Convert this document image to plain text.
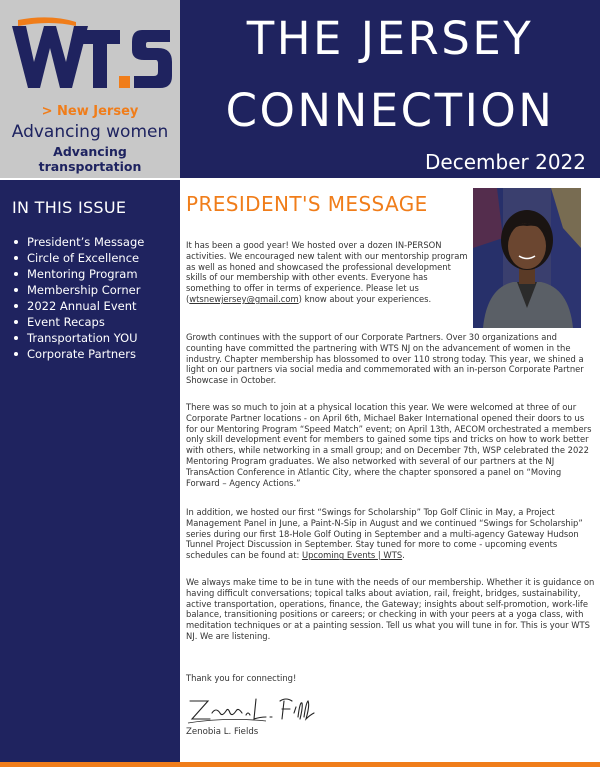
> New Jersey
Advancing women
Advancing transportation
THE JERSEY
CONNECTION
December 2022
IN THIS ISSUE
President’s Message
Circle of Excellence
Mentoring Program
Membership Corner
2022 Annual Event
Event Recaps
Transportation YOU
Corporate Partners
PRESIDENT'S MESSAGE

It has been a good year! We hosted over a dozen IN-PERSON activities. We encouraged new talent with our mentorship program as well as honed and showcased the professional development skills of our membership with other events. Everyone has something to offer in terms of experience. Please let us (wtsnewjersey@gmail.com) know about your experiences.

Growth continues with the support of our Corporate Partners. Over 30 organizations and counting have committed the partnering with WTS NJ on the advancement of women in the industry. Chapter membership has blossomed to over 110 strong today. This year, we shined a light on our partners via social media and commemorated with an in-person Corporate Partner Showcase in October.

There was so much to join at a physical location this year. We were welcomed at three of our Corporate Partner locations - on April 6th, Michael Baker International opened their doors to us for our Mentoring Program “Speed Match” event; on April 13th, AECOM orchestrated a members only skill development event for members to gained some tips and tricks on how to work better with others, while networking in a small group; and on December 7th, WSP celebrated the 2022 Mentoring Program graduates. We also networked with several of our partners at the NJ TransAction Conference in Atlantic City, where the chapter sponsored a panel on “Moving Forward – Agency Actions.”

In addition, we hosted our first “Swings for Scholarship” Top Golf Clinic in May, a Project Management Panel in June, a Paint-N-Sip in August and we continued “Swings for Scholarship” series during our first 18-Hole Golf Outing in September and a multi-agency Gateway Hudson Tunnel Project Discussion in September. Stay tuned for more to come - upcoming events schedules can be found at: Upcoming Events | WTS.

We always make time to be in tune with the needs of our membership. Whether it is guidance on having difficult conversations; topical talks about aviation, rail, freight, bridges, sustainability, active transportation, operations, finance, the Gateway; insights about self-promotion, work-life balance, transitioning positions or careers; or checking in with your peers at a yoga class, with meditation techniques or at a painting session. Tell us what you will tune in for. This is your WTS NJ. We are listening.

Thank you for connecting!

Zenobia L. Fields
